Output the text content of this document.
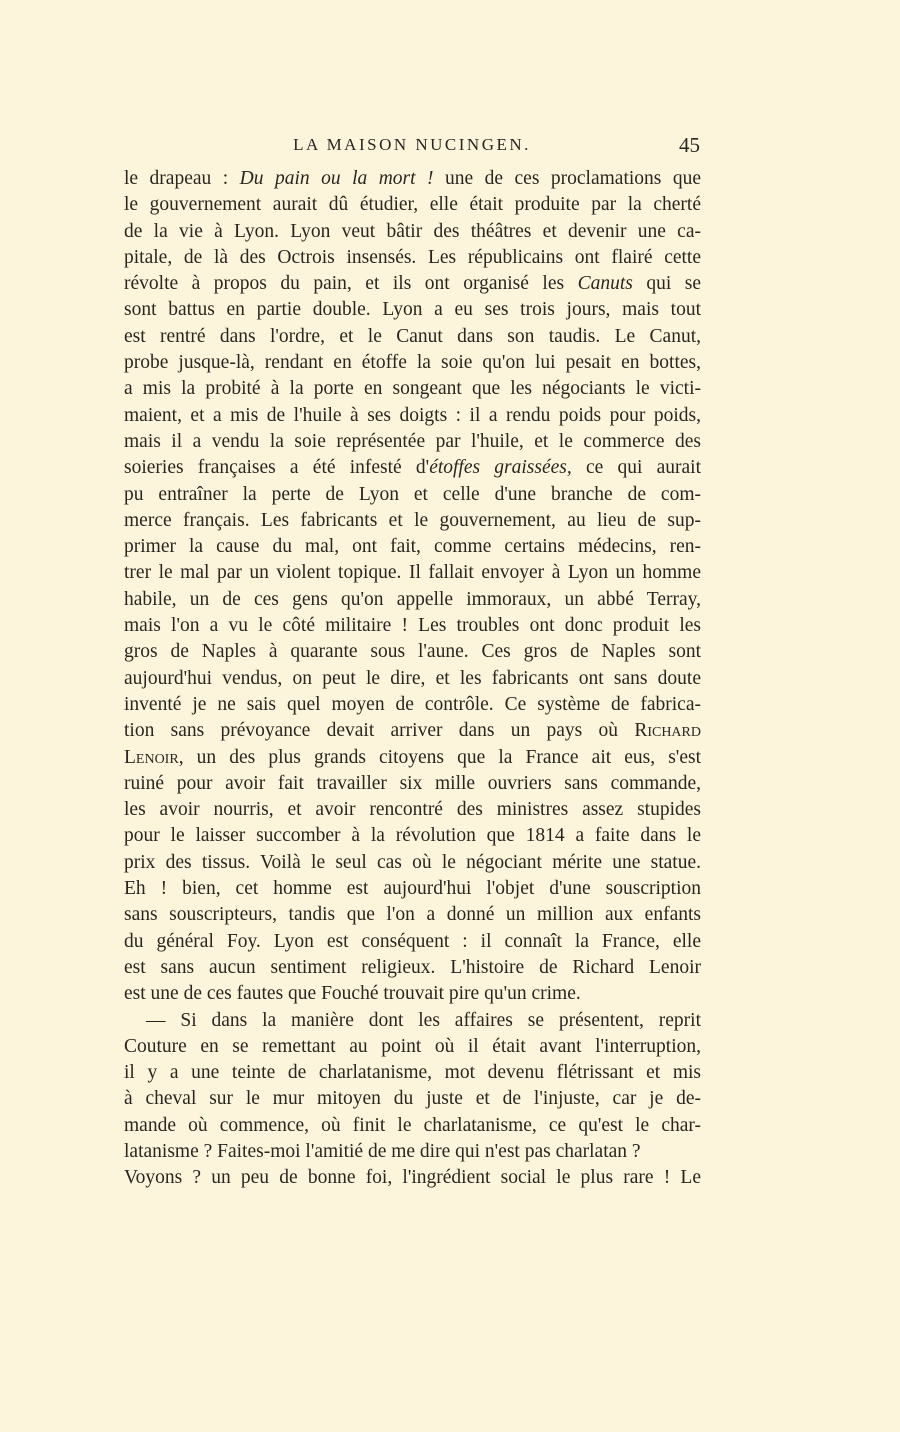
LA MAISON NUCINGEN.	45
le drapeau : Du pain ou la mort ! une de ces proclamations que
le gouvernement aurait dû étudier, elle était produite par la cherté
de la vie à Lyon. Lyon veut bâtir des théâtres et devenir une ca-
pitale, de là des Octrois insensés. Les républicains ont flairé cette
révolte à propos du pain, et ils ont organisé les Canuts qui se
sont battus en partie double. Lyon a eu ses trois jours, mais tout
est rentré dans l'ordre, et le Canut dans son taudis. Le Canut,
probe jusque-là, rendant en étoffe la soie qu'on lui pesait en bottes,
a mis la probité à la porte en songeant que les négociants le victi-
maient, et a mis de l'huile à ses doigts : il a rendu poids pour poids,
mais il a vendu la soie représentée par l'huile, et le commerce des
soieries françaises a été infesté d'étoffes graissées, ce qui aurait
pu entraîner la perte de Lyon et celle d'une branche de com-
merce français. Les fabricants et le gouvernement, au lieu de sup-
primer la cause du mal, ont fait, comme certains médecins, ren-
trer le mal par un violent topique. Il fallait envoyer à Lyon un homme
habile, un de ces gens qu'on appelle immoraux, un abbé Terray,
mais l'on a vu le côté militaire ! Les troubles ont donc produit les
gros de Naples à quarante sous l'aune. Ces gros de Naples sont
aujourd'hui vendus, on peut le dire, et les fabricants ont sans doute
inventé je ne sais quel moyen de contrôle. Ce système de fabrica-
tion sans prévoyance devait arriver dans un pays où Richard
Lenoir, un des plus grands citoyens que la France ait eus, s'est
ruiné pour avoir fait travailler six mille ouvriers sans commande,
les avoir nourris, et avoir rencontré des ministres assez stupides
pour le laisser succomber à la révolution que 1814 a faite dans le
prix des tissus. Voilà le seul cas où le négociant mérite une statue.
Eh ! bien, cet homme est aujourd'hui l'objet d'une souscription
sans souscripteurs, tandis que l'on a donné un million aux enfants
du général Foy. Lyon est conséquent : il connaît la France, elle
est sans aucun sentiment religieux. L'histoire de Richard Lenoir
est une de ces fautes que Fouché trouvait pire qu'un crime.
— Si dans la manière dont les affaires se présentent, reprit
Couture en se remettant au point où il était avant l'interruption,
il y a une teinte de charlatanisme, mot devenu flétrissant et mis
à cheval sur le mur mitoyen du juste et de l'injuste, car je de-
mande où commence, où finit le charlatanisme, ce qu'est le char-
latanisme ? Faites-moi l'amitié de me dire qui n'est pas charlatan ?
Voyons ? un peu de bonne foi, l'ingrédient social le plus rare ! Le
